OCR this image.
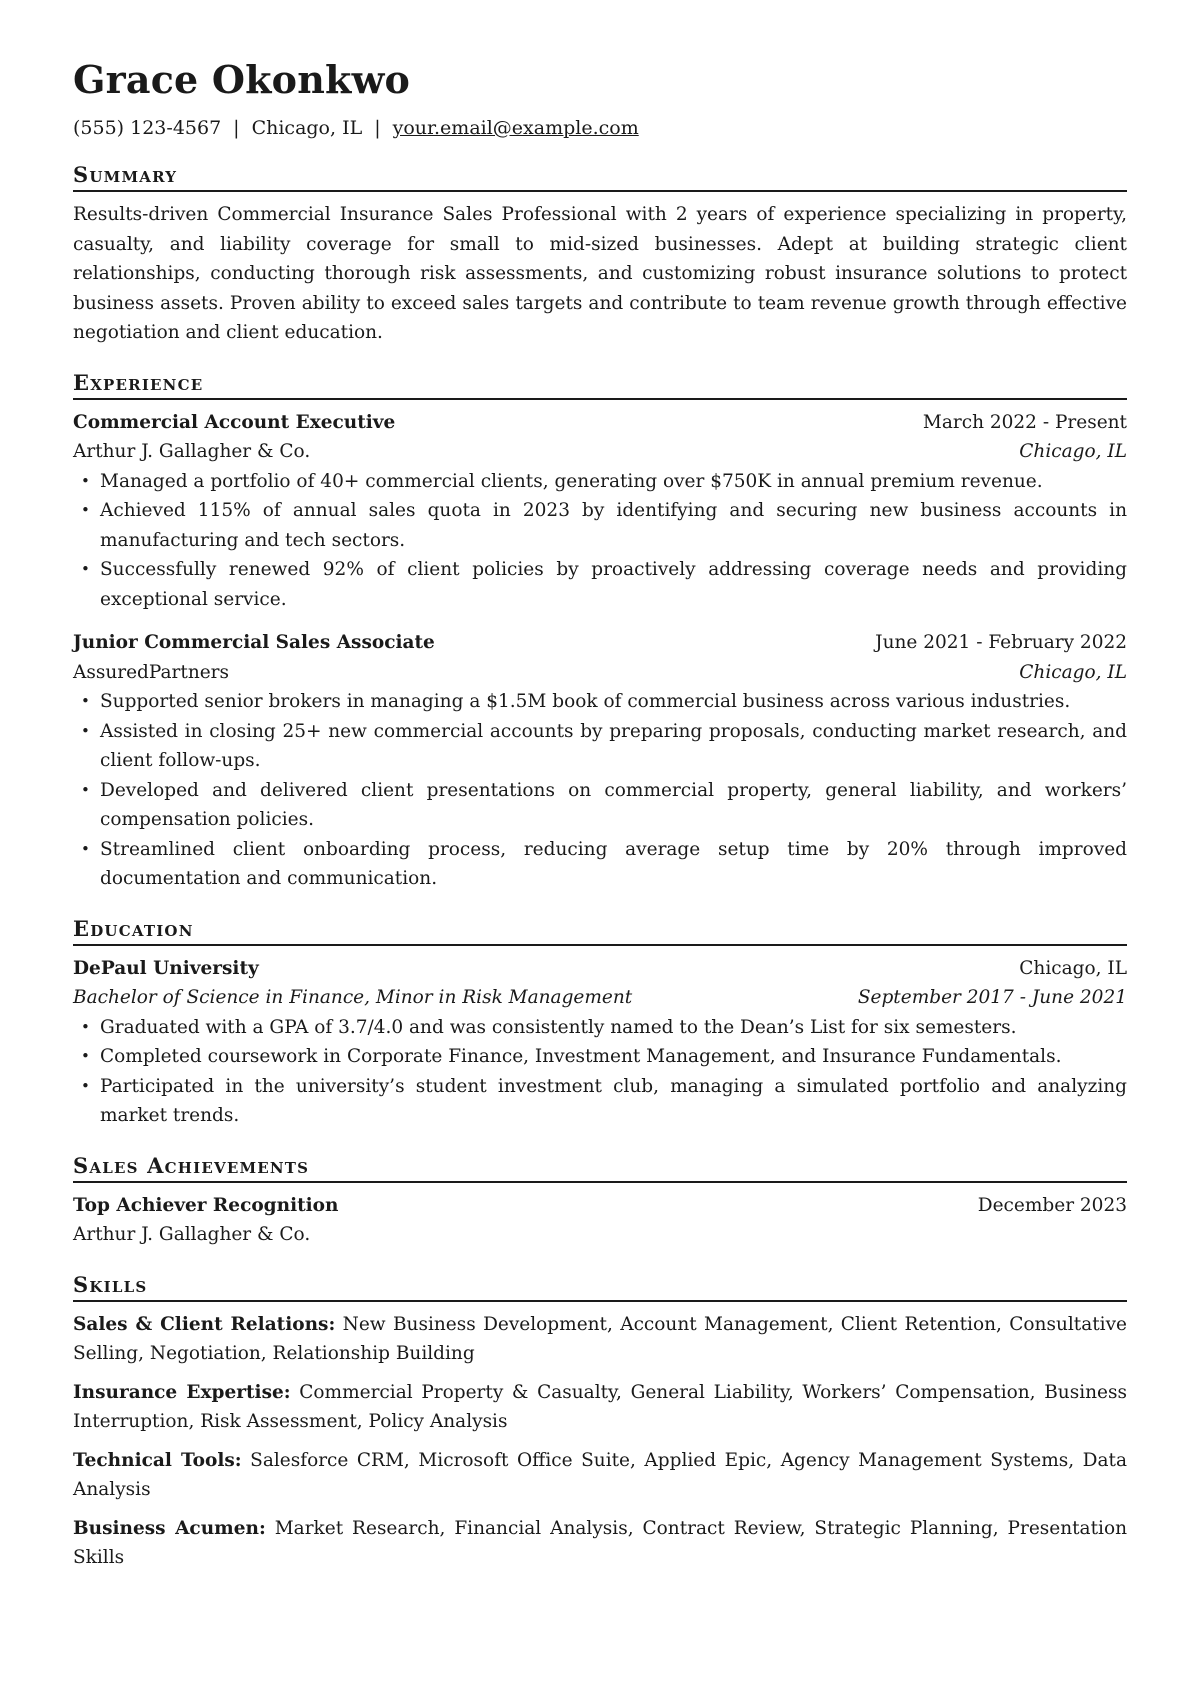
Grace Okonkwo
(555) 123-4567 | Chicago, IL | your.email@example.com
Summary
Results-driven Commercial Insurance Sales Professional with 2 years of experience specializing in property, casualty, and liability coverage for small to mid-sized businesses. Adept at building strategic client relationships, conducting thorough risk assessments, and customizing robust insurance solutions to protect business assets. Proven ability to exceed sales targets and contribute to team revenue growth through effective negotiation and client education.
Experience
Commercial Account Executive	March 2022 - Present
Arthur J. Gallagher & Co.	Chicago, IL
• Managed a portfolio of 40+ commercial clients, generating over $750K in annual premium revenue.
• Achieved 115% of annual sales quota in 2023 by identifying and securing new business accounts in manufacturing and tech sectors.
• Successfully renewed 92% of client policies by proactively addressing coverage needs and providing exceptional service.
Junior Commercial Sales Associate	June 2021 - February 2022
AssuredPartners	Chicago, IL
• Supported senior brokers in managing a $1.5M book of commercial business across various industries.
• Assisted in closing 25+ new commercial accounts by preparing proposals, conducting market research, and client follow-ups.
• Developed and delivered client presentations on commercial property, general liability, and workers’ compensation policies.
• Streamlined client onboarding process, reducing average setup time by 20% through improved documentation and communication.
Education
DePaul University	Chicago, IL
Bachelor of Science in Finance, Minor in Risk Management	September 2017 - June 2021
• Graduated with a GPA of 3.7/4.0 and was consistently named to the Dean’s List for six semesters.
• Completed coursework in Corporate Finance, Investment Management, and Insurance Fundamentals.
• Participated in the university’s student investment club, managing a simulated portfolio and analyzing market trends.
Sales Achievements
Top Achiever Recognition	December 2023
Arthur J. Gallagher & Co.
Skills
Sales & Client Relations: New Business Development, Account Management, Client Retention, Consultative Selling, Negotiation, Relationship Building
Insurance Expertise: Commercial Property & Casualty, General Liability, Workers’ Compensation, Business Interruption, Risk Assessment, Policy Analysis
Technical Tools: Salesforce CRM, Microsoft Office Suite, Applied Epic, Agency Management Systems, Data Analysis
Business Acumen: Market Research, Financial Analysis, Contract Review, Strategic Planning, Presentation Skills
